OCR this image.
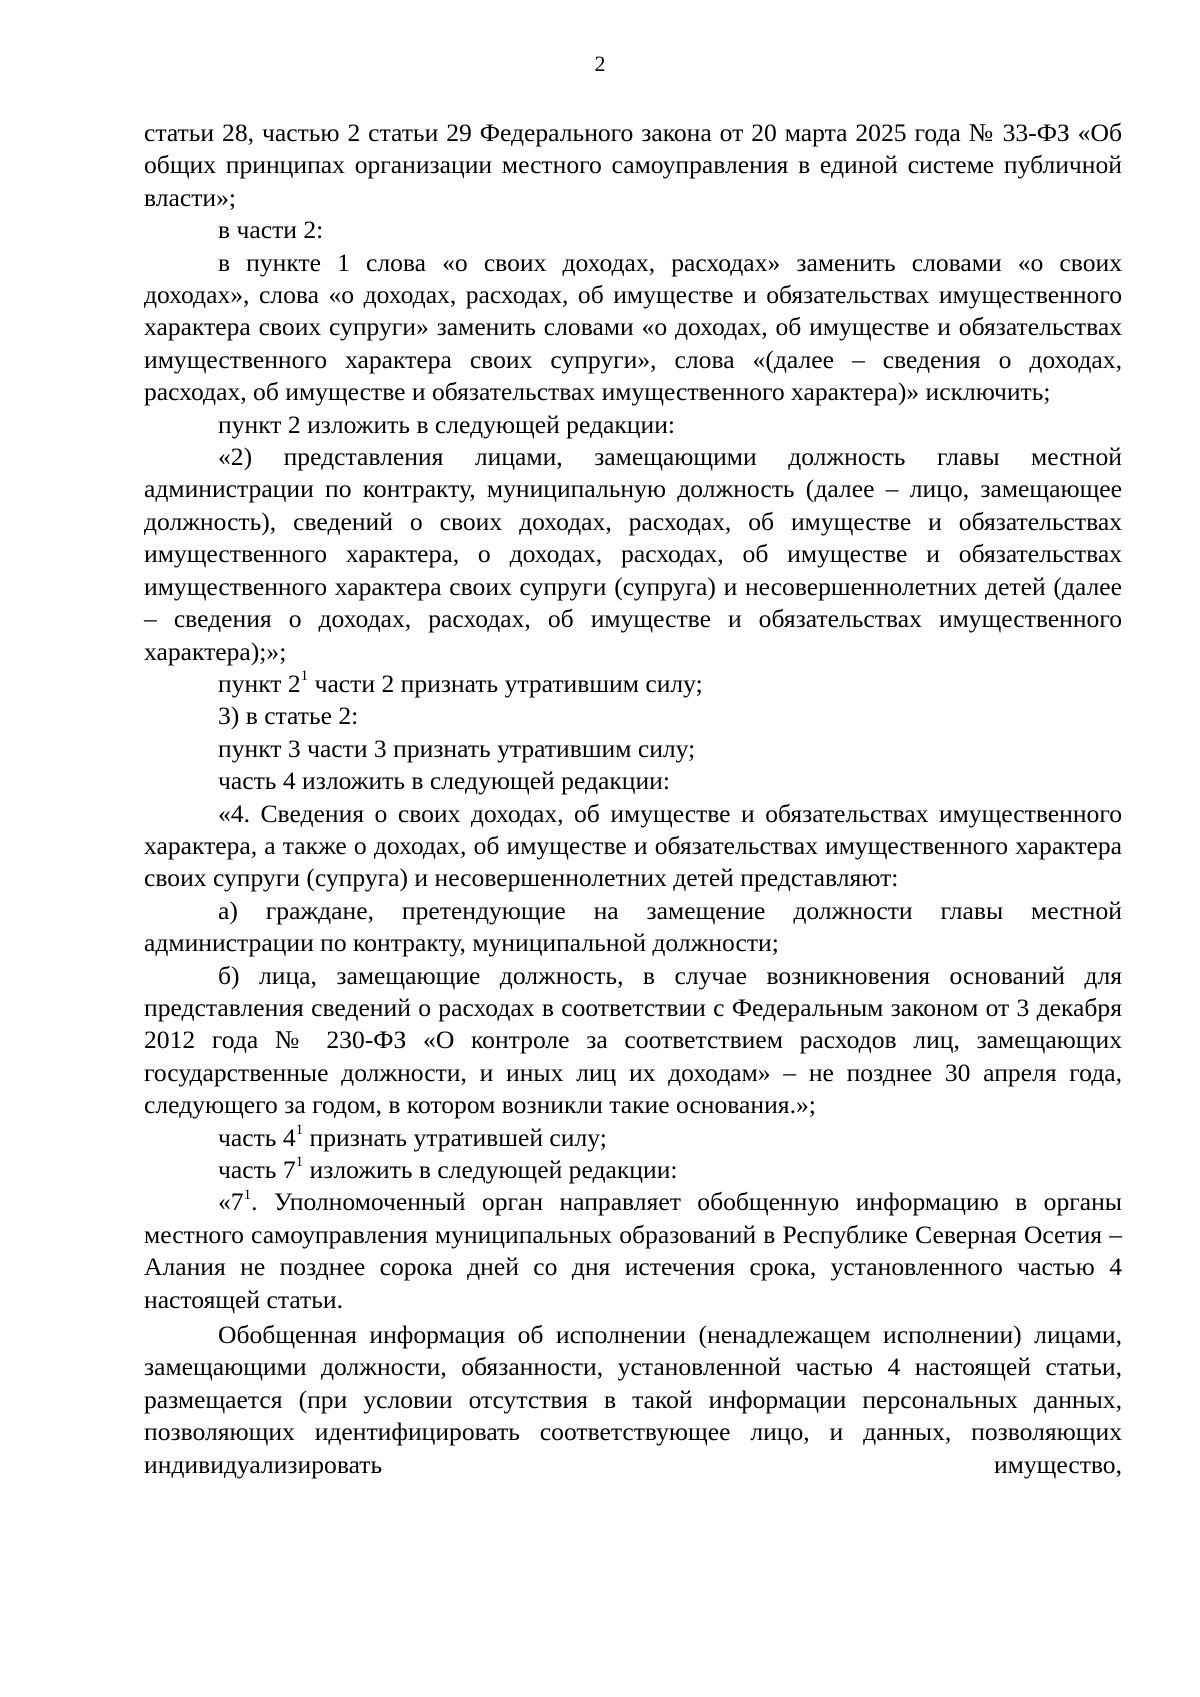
2

статьи 28, частью 2 статьи 29 Федерального закона от 20 марта 2025 года № 33-ФЗ «Об общих принципах организации местного самоуправления в единой системе публичной власти»;

в части 2:

в пункте 1 слова «о своих доходах, расходах» заменить словами «о своих доходах», слова «о доходах, расходах, об имуществе и обязательствах имущественного характера своих супруги» заменить словами «о доходах, об имуществе и обязательствах имущественного характера своих супруги», слова «(далее – сведения о доходах, расходах, об имуществе и обязательствах имущественного характера)» исключить;

пункт 2 изложить в следующей редакции:

«2) представления лицами, замещающими должность главы местной администрации по контракту, муниципальную должность (далее – лицо, замещающее должность), сведений о своих доходах, расходах, об имуществе и обязательствах имущественного характера, о доходах, расходах, об имуществе и обязательствах имущественного характера своих супруги (супруга) и несовершеннолетних детей (далее – сведения о доходах, расходах, об имуществе и обязательствах имущественного характера);»;

пункт $2^1$ части 2 признать утратившим силу;

3) в статье 2:

пункт 3 части 3 признать утратившим силу;

часть 4 изложить в следующей редакции:

«4. Сведения о своих доходах, об имуществе и обязательствах имущественного характера, а также о доходах, об имуществе и обязательствах имущественного характера своих супруги (супруга) и несовершеннолетних детей представляют:

а) граждане, претендующие на замещение должности главы местной администрации по контракту, муниципальной должности;

б) лица, замещающие должность, в случае возникновения оснований для представления сведений о расходах в соответствии с Федеральным законом от 3 декабря 2012 года № 230-ФЗ «О контроле за соответствием расходов лиц, замещающих государственные должности, и иных лиц их доходам» – не позднее 30 апреля года, следующего за годом, в котором возникли такие основания.»;

часть $4^1$ признать утратившей силу;

часть $7^1$ изложить в следующей редакции:

«$7^1$. Уполномоченный орган направляет обобщенную информацию в органы местного самоуправления муниципальных образований в Республике Северная Осетия – Алания не позднее сорока дней со дня истечения срока, установленного частью 4 настоящей статьи.

Обобщенная информация об исполнении (ненадлежащем исполнении) лицами, замещающими должности, обязанности, установленной частью 4 настоящей статьи, размещается (при условии отсутствия в такой информации персональных данных, позволяющих идентифицировать соответствующее лицо, и данных, позволяющих индивидуализировать имущество,
